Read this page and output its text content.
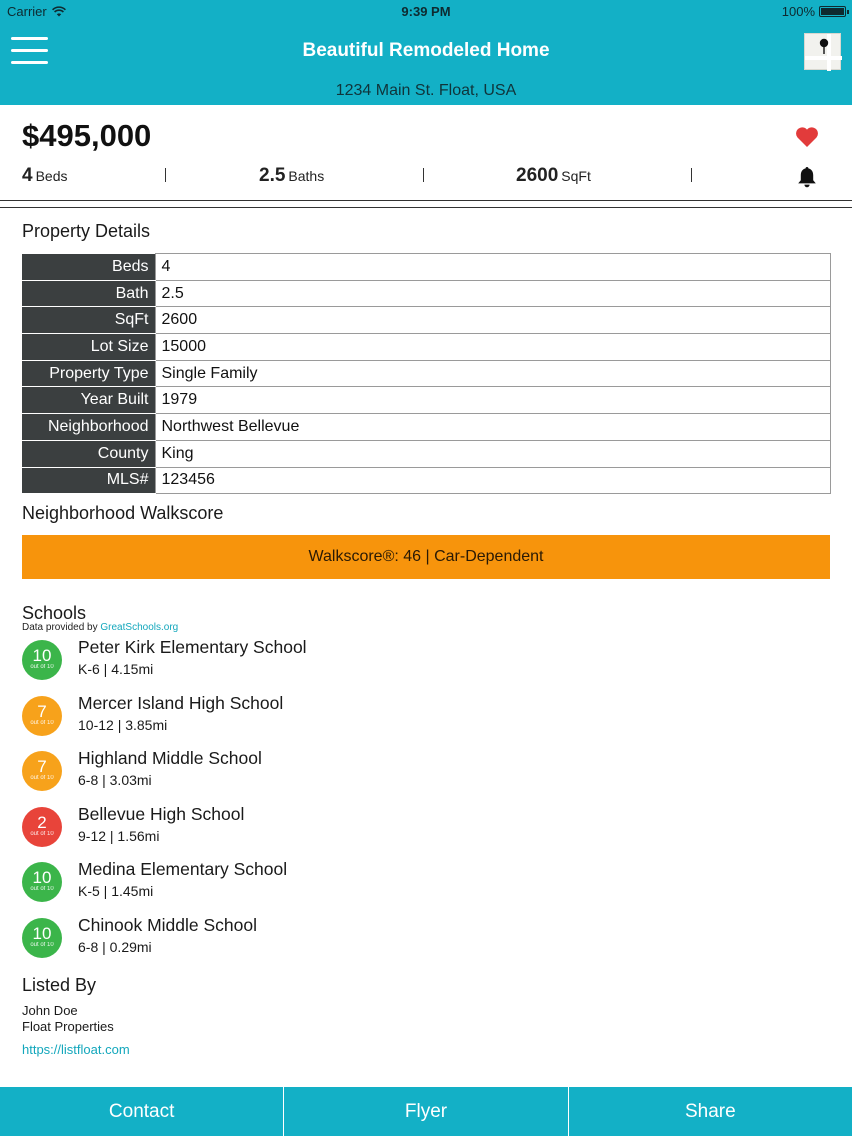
Carrier	9:39 PM	100%
Beautiful Remodeled Home
1234 Main St. Float, USA
$495,000
4 Beds	2.5 Baths	2600 SqFt
Property Details
Beds	4
Bath	2.5
SqFt	2600
Lot Size	15000
Property Type	Single Family
Year Built	1979
Neighborhood	Northwest Bellevue
County	King
MLS#	123456
Neighborhood Walkscore
Walkscore®: 46 | Car-Dependent
Schools
Data provided by GreatSchools.org
10
out of 10
Peter Kirk Elementary School
K-6 | 4.15mi
7
out of 10
Mercer Island High School
10-12 | 3.85mi
7
out of 10
Highland Middle School
6-8 | 3.03mi
2
out of 10
Bellevue High School
9-12 | 1.56mi
10
out of 10
Medina Elementary School
K-5 | 1.45mi
10
out of 10
Chinook Middle School
6-8 | 0.29mi
Listed By
John Doe
Float Properties
https://listfloat.com
Contact	Flyer	Share
